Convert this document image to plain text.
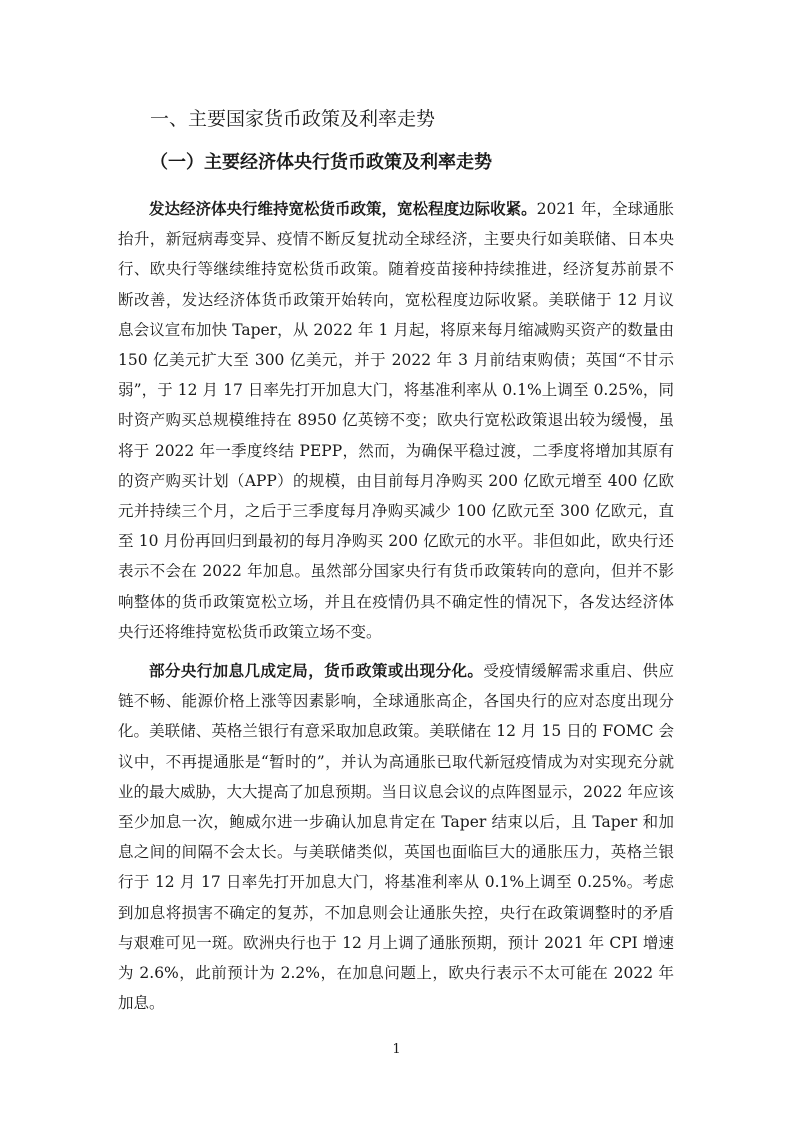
一、主要国家货币政策及利率走势
（一）主要经济体央行货币政策及利率走势

发达经济体央行维持宽松货币政策，宽松程度边际收紧。2021 年，全球通胀抬升，新冠病毒变异、疫情不断反复扰动全球经济，主要央行如美联储、日本央行、欧央行等继续维持宽松货币政策。随着疫苗接种持续推进，经济复苏前景不断改善，发达经济体货币政策开始转向，宽松程度边际收紧。美联储于 12 月议息会议宣布加快 Taper，从 2022 年 1 月起，将原来每月缩减购买资产的数量由 150 亿美元扩大至 300 亿美元，并于 2022 年 3 月前结束购债；英国“不甘示弱”，于 12 月 17 日率先打开加息大门，将基准利率从 0.1%上调至 0.25%，同时资产购买总规模维持在 8950 亿英镑不变；欧央行宽松政策退出较为缓慢，虽将于 2022 年一季度终结 PEPP，然而，为确保平稳过渡，二季度将增加其原有的资产购买计划（APP）的规模，由目前每月净购买 200 亿欧元增至 400 亿欧元并持续三个月，之后于三季度每月净购买减少 100 亿欧元至 300 亿欧元，直至 10 月份再回归到最初的每月净购买 200 亿欧元的水平。非但如此，欧央行还表示不会在 2022 年加息。虽然部分国家央行有货币政策转向的意向，但并不影响整体的货币政策宽松立场，并且在疫情仍具不确定性的情况下，各发达经济体央行还将维持宽松货币政策立场不变。

部分央行加息几成定局，货币政策或出现分化。受疫情缓解需求重启、供应链不畅、能源价格上涨等因素影响，全球通胀高企，各国央行的应对态度出现分化。美联储、英格兰银行有意采取加息政策。美联储在 12 月 15 日的 FOMC 会议中，不再提通胀是“暂时的”，并认为高通胀已取代新冠疫情成为对实现充分就业的最大威胁，大大提高了加息预期。当日议息会议的点阵图显示，2022 年应该至少加息一次，鲍威尔进一步确认加息肯定在 Taper 结束以后，且 Taper 和加息之间的间隔不会太长。与美联储类似，英国也面临巨大的通胀压力，英格兰银行于 12 月 17 日率先打开加息大门，将基准利率从 0.1%上调至 0.25%。考虑到加息将损害不确定的复苏，不加息则会让通胀失控，央行在政策调整时的矛盾与艰难可见一斑。欧洲央行也于 12 月上调了通胀预期，预计 2021 年 CPI 增速为 2.6%，此前预计为 2.2%，在加息问题上，欧央行表示不太可能在 2022 年加息。

1
